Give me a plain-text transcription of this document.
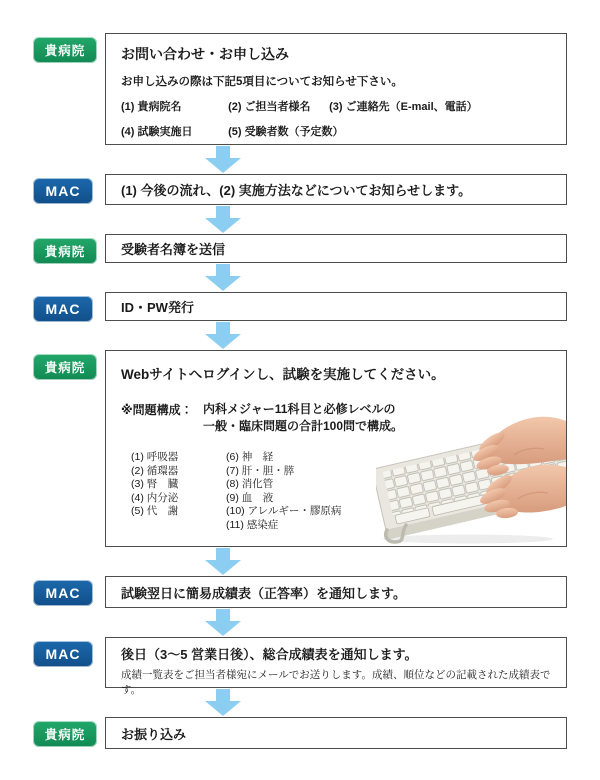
貴病院	お問い合わせ・お申し込み
お申し込みの際は下記5項目についてお知らせ下さい。
(1) 貴病院名	(2) ご担当者様名 (3) ご連絡先（E-mail、電話）
(4) 試験実施日	(5) 受験者数（予定数）
MAC	(1) 今後の流れ、(2) 実施方法などについてお知らせします。
貴病院	受験者名簿を送信
MAC	ID・PW発行
貴病院	Webサイトへログインし、試験を実施してください。
※問題構成： 内科メジャー11科目と必修レベルの
一般・臨床問題の合計100問で構成。
(1) 呼吸器
(2) 循環器
(3) 腎　臓
(4) 内分泌
(5) 代　謝
(6) 神　経
(7) 肝・胆・膵
(8) 消化管
(9) 血　液
(10) アレルギー・膠原病
(11) 感染症
MAC	試験翌日に簡易成績表（正答率）を通知します。
MAC	後日（3～5 営業日後）、総合成績表を通知します。
成績一覧表をご担当者様宛にメールでお送りします。成績、順位などの記載された成績表です。
貴病院	お振り込み
